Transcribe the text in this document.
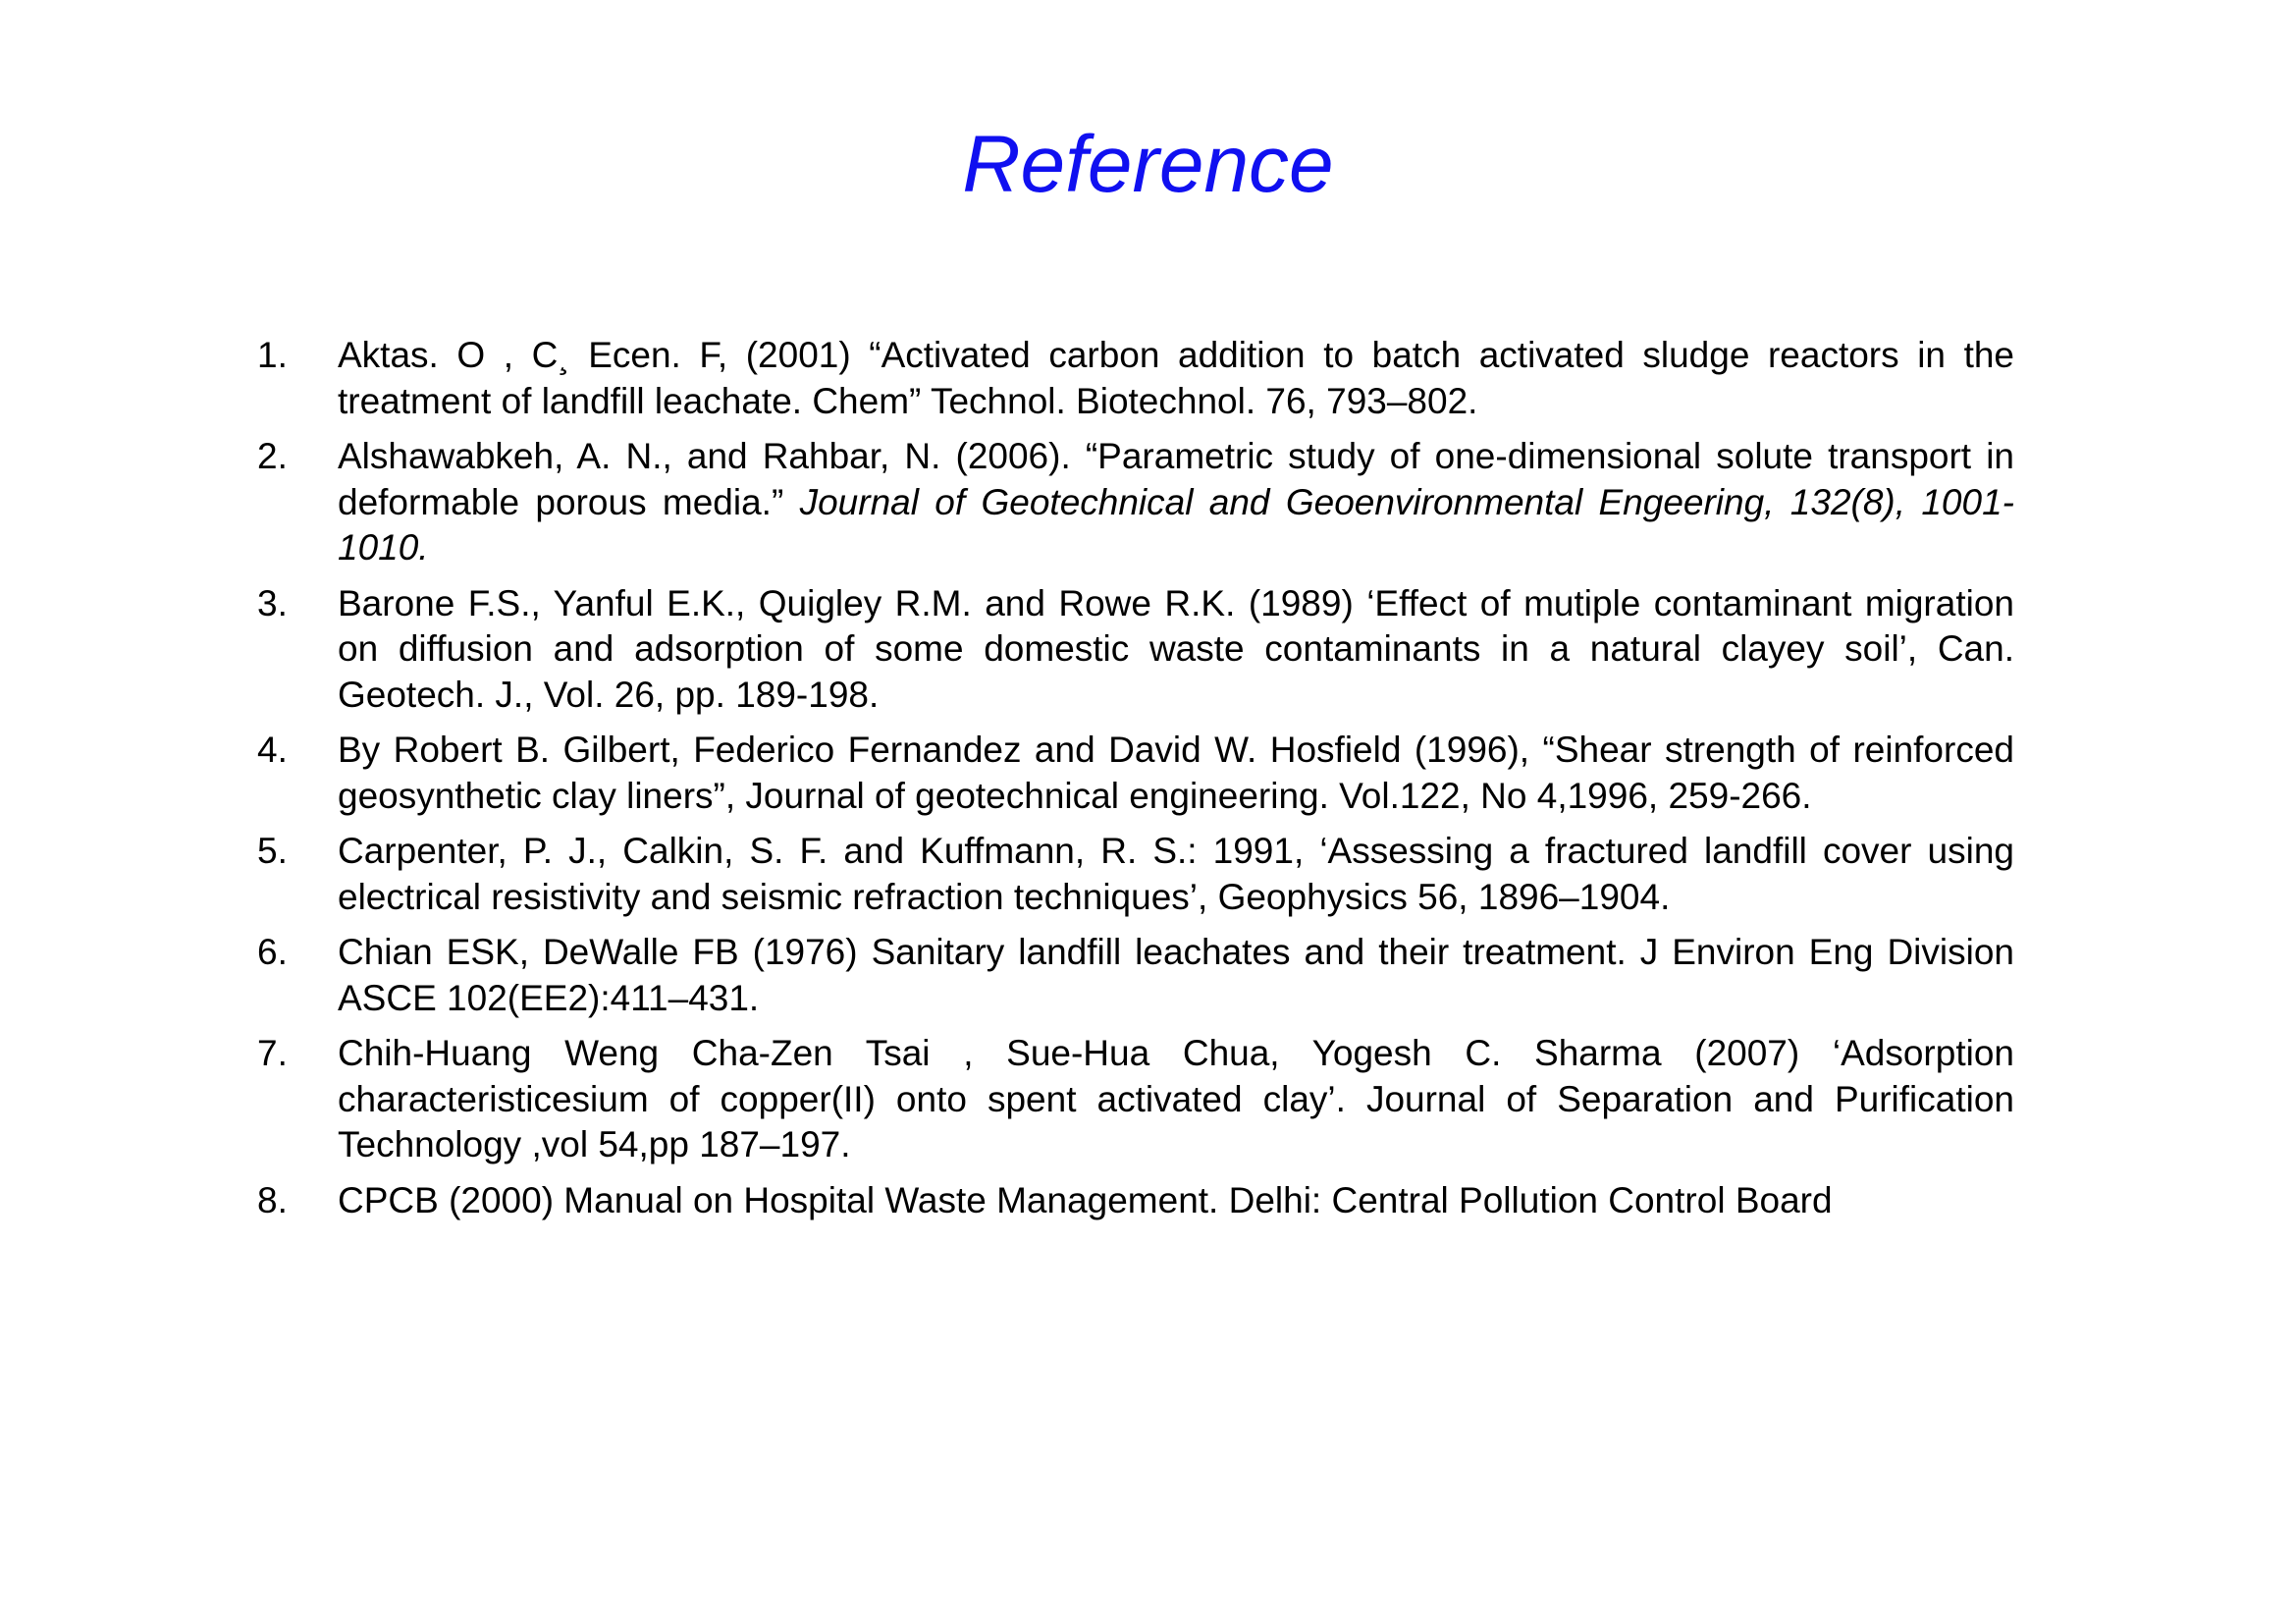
Reference
1. Aktas. O , C¸ Ecen. F, (2001) “Activated carbon addition to batch activated sludge reactors in the treatment of landfill leachate. Chem” Technol. Biotechnol. 76, 793–802.
2. Alshawabkeh, A. N., and Rahbar, N. (2006). “Parametric study of one-dimensional solute transport in deformable porous media.” Journal of Geotechnical and Geoenvironmental Engeering, 132(8), 1001-1010.
3. Barone F.S., Yanful E.K., Quigley R.M. and Rowe R.K. (1989) ‘Effect of mutiple contaminant migration on diffusion and adsorption of some domestic waste contaminants in a natural clayey soil’, Can. Geotech. J., Vol. 26, pp. 189-198.
4. By Robert B. Gilbert, Federico Fernandez and David W. Hosfield (1996), “Shear strength of reinforced geosynthetic clay liners”, Journal of geotechnical engineering. Vol.122, No 4,1996, 259-266.
5. Carpenter, P. J., Calkin, S. F. and Kuffmann, R. S.: 1991, ‘Assessing a fractured landfill cover using electrical resistivity and seismic refraction techniques’, Geophysics 56, 1896–1904.
6. Chian ESK, DeWalle FB (1976) Sanitary landfill leachates and their treatment. J Environ Eng Division ASCE 102(EE2):411–431.
7. Chih-Huang Weng Cha-Zen Tsai , Sue-Hua Chua, Yogesh C. Sharma (2007) ‘Adsorption characteristicesium of copper(II) onto spent activated clay’. Journal of Separation and Purification Technology ,vol 54,pp 187–197.
8. CPCB (2000) Manual on Hospital Waste Management. Delhi: Central Pollution Control Board
